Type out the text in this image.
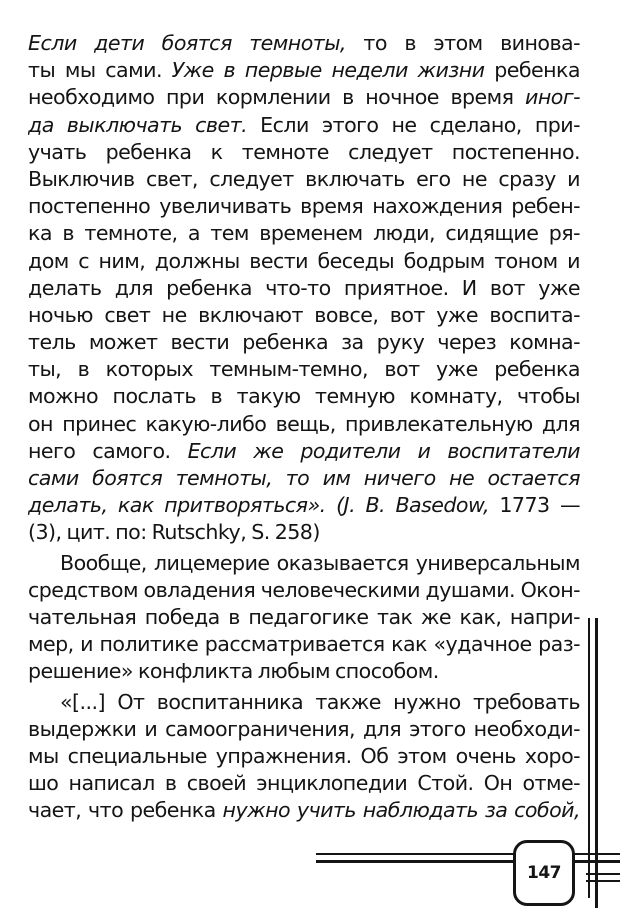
Если дети боятся темноты, то в этом винова-
ты мы сами. Уже в первые недели жизни ребенка
необходимо при кормлении в ночное время иног-
да выключать свет. Если этого не сделано, при-
учать ребенка к темноте следует постепенно.
Выключив свет, следует включать его не сразу и
постепенно увеличивать время нахождения ребен-
ка в темноте, а тем временем люди, сидящие ря-
дом с ним, должны вести беседы бодрым тоном и
делать для ребенка что-то приятное. И вот уже
ночью свет не включают вовсе, вот уже воспита-
тель может вести ребенка за руку через комна-
ты, в которых темным-темно, вот уже ребенка
можно послать в такую темную комнату, чтобы
он принес какую-либо вещь, привлекательную для
него самого. Если же родители и воспитатели
сами боятся темноты, то им ничего не остается
делать, как притворяться». (J. B. Basedow, 1773 —
(3), цит. по: Rutschky, S. 258)
Вообще, лицемерие оказывается универсальным
средством овладения человеческими душами. Окон-
чательная победа в педагогике так же как, напри-
мер, и политике рассматривается как «удачное раз-
решение» конфликта любым способом.
«[...] От воспитанника также нужно требовать
выдержки и самоограничения, для этого необходи-
мы специальные упражнения. Об этом очень хоро-
шо написал в своей энциклопедии Стой. Он отме-
чает, что ребенка нужно учить наблюдать за собой,
147
